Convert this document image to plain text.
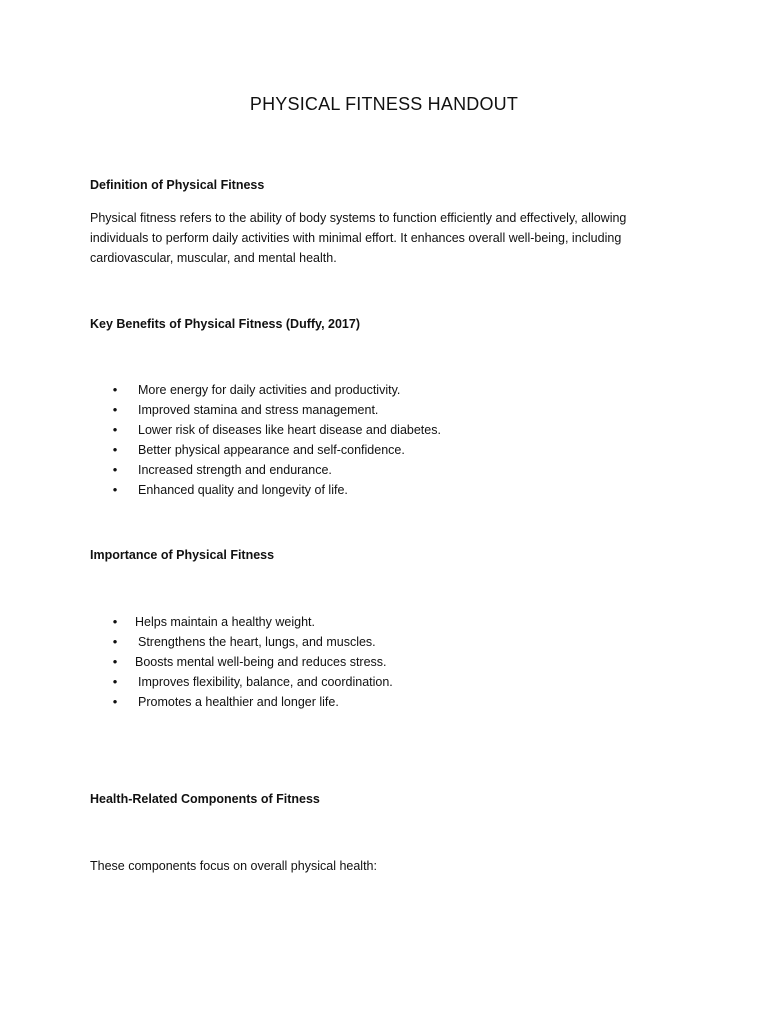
PHYSICAL FITNESS HANDOUT
Definition of Physical Fitness

Physical fitness refers to the ability of body systems to function efficiently and effectively, allowing individuals to perform daily activities with minimal effort. It enhances overall well-being, including cardiovascular, muscular, and mental health.

Key Benefits of Physical Fitness (Duffy, 2017)
• More energy for daily activities and productivity.
• Improved stamina and stress management.
• Lower risk of diseases like heart disease and diabetes.
• Better physical appearance and self-confidence.
• Increased strength and endurance.
• Enhanced quality and longevity of life.
Importance of Physical Fitness
• Helps maintain a healthy weight.
• Strengthens the heart, lungs, and muscles.
• Boosts mental well-being and reduces stress.
• Improves flexibility, balance, and coordination.
• Promotes a healthier and longer life.
Health-Related Components of Fitness

These components focus on overall physical health:
